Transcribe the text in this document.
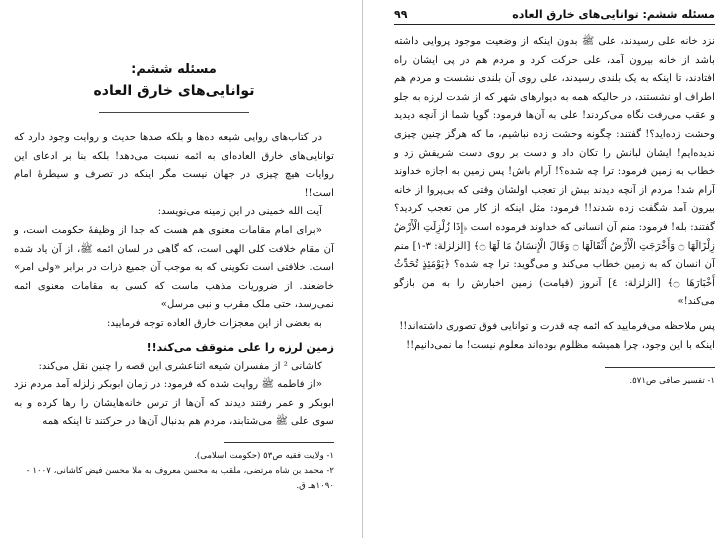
مسئله ششم:
توانایی‌های خارق العاده

در کتاب‌های روایی شیعه ده‌ها و بلکه صدها حدیث و روایت وجود دارد که توانایی‌های خارق العاده‌ای به ائمه نسبت می‌دهد! بلکه بنا بر ادعای این روایات هیچ چیزی در جهان نیست مگر اینکه در تصرف و سیطرهٔ امام است!!

آیت الله خمینی در این زمینه می‌نویسد:

«برای امام مقامات معنوی هم هست که جدا از وظیفهٔ حکومت است، و آن مقام خلافت کلی الهی است، که گاهی در لسان ائمه ﷺ، از آن یاد شده است. خلافتی است تکوینی که به موجب آن جمیع ذرات در برابر «ولی امر» خاضعند. از ضروریات مذهب ماست که کسی به مقامات معنوی ائمه نمی‌رسد، حتی ملک مقرب و نبی مرسل»

به بعضی از این معجزات خارق العاده توجه فرمایید:

زمین لرزه را علی متوقف می‌کند!!

کاشانی ² از مفسران شیعه اثناعشری این قصه را چنین نقل می‌کند:

«از فاطمه ﷺ روایت شده که فرمود: در زمان ابوبکر زلزله آمد مردم نزد ابوبکر و عمر رفتند دیدند که آن‌ها از ترس خانه‌هایشان را رها کرده و به سوی علی ﷺ می‌شتابند، مردم هم بدنبال آن‌ها در حرکتند تا اینکه همه

١- ولایت فقیه ص٥٣ (حکومت اسلامی).
٢- محمد بن شاه مرتضی، ملقب به محسن معروف به ملا محسن فیض کاشانی، ١٠٠٧ - ١٠٩٠هـ ق.
مسئله ششم: توانایی‌های خارق العاده
۹۹

نزد خانه علی رسیدند، علی ﷺ بدون اینکه از وضعیت موجود پروایی داشته باشد از خانه بیرون آمد، علی حرکت کرد و مردم هم در پی ایشان راه افتادند، تا اینکه به یک بلندی رسیدند، علی روی آن بلندی نشست و مردم هم اطراف او نشستند، در حالیکه همه به دیوارهای شهر که از شدت لرزه به جلو و عقب می‌رفت نگاه می‌کردند! علی به آن‌ها فرمود: گویا شما از آنچه دیدید وحشت زده‌اید؟! گفتند: چگونه وحشت زده نباشیم، ما که هرگز چنین چیزی ندیده‌ایم! ایشان لبانش را تکان داد و دست بر روی دست شریفش زد و خطاب به زمین فرمود: ترا چه شده؟! آرام باش! پس زمین به اجازه خداوند آرام شد! مردم از آنچه دیدند بیش از تعجب اولشان وقتی که بی‌پروا از خانه بیرون آمد شگفت زده شدند!! فرمود: مثل اینکه از کار من تعجب کردید؟ گفتند: بله! فرمود: منم آن انسانی که خداوند فرموده است ﴿إِذَا زُلْزِلَتِ الْأَرْضُ زِلْزَالَهَا ۝ وَأَخْرَجَتِ الْأَرْضُ أَثْقَالَهَا ۝ وَقَالَ الْإِنسَانُ مَا لَهَا ۝﴾ [الزلزلة: ٣-١] منم آن انسان که به زمین خطاب می‌کند و می‌گوید: ترا چه شده؟ ﴿يَوْمَئِذٍ تُحَدِّثُ أَخْبَارَهَا ۝﴾ [الزلزلة: ٤] آنروز (قیامت) زمین اخبارش را به من بازگو می‌کند!»

پس ملاحظه می‌فرمایید که ائمه چه قدرت و توانایی فوق تصوری داشته‌اند!!

اینکه با این وجود، چرا همیشه مظلوم بوده‌اند معلوم نیست! ما نمی‌دانیم!!

١- تفسیر صافی ص٥٧١.
